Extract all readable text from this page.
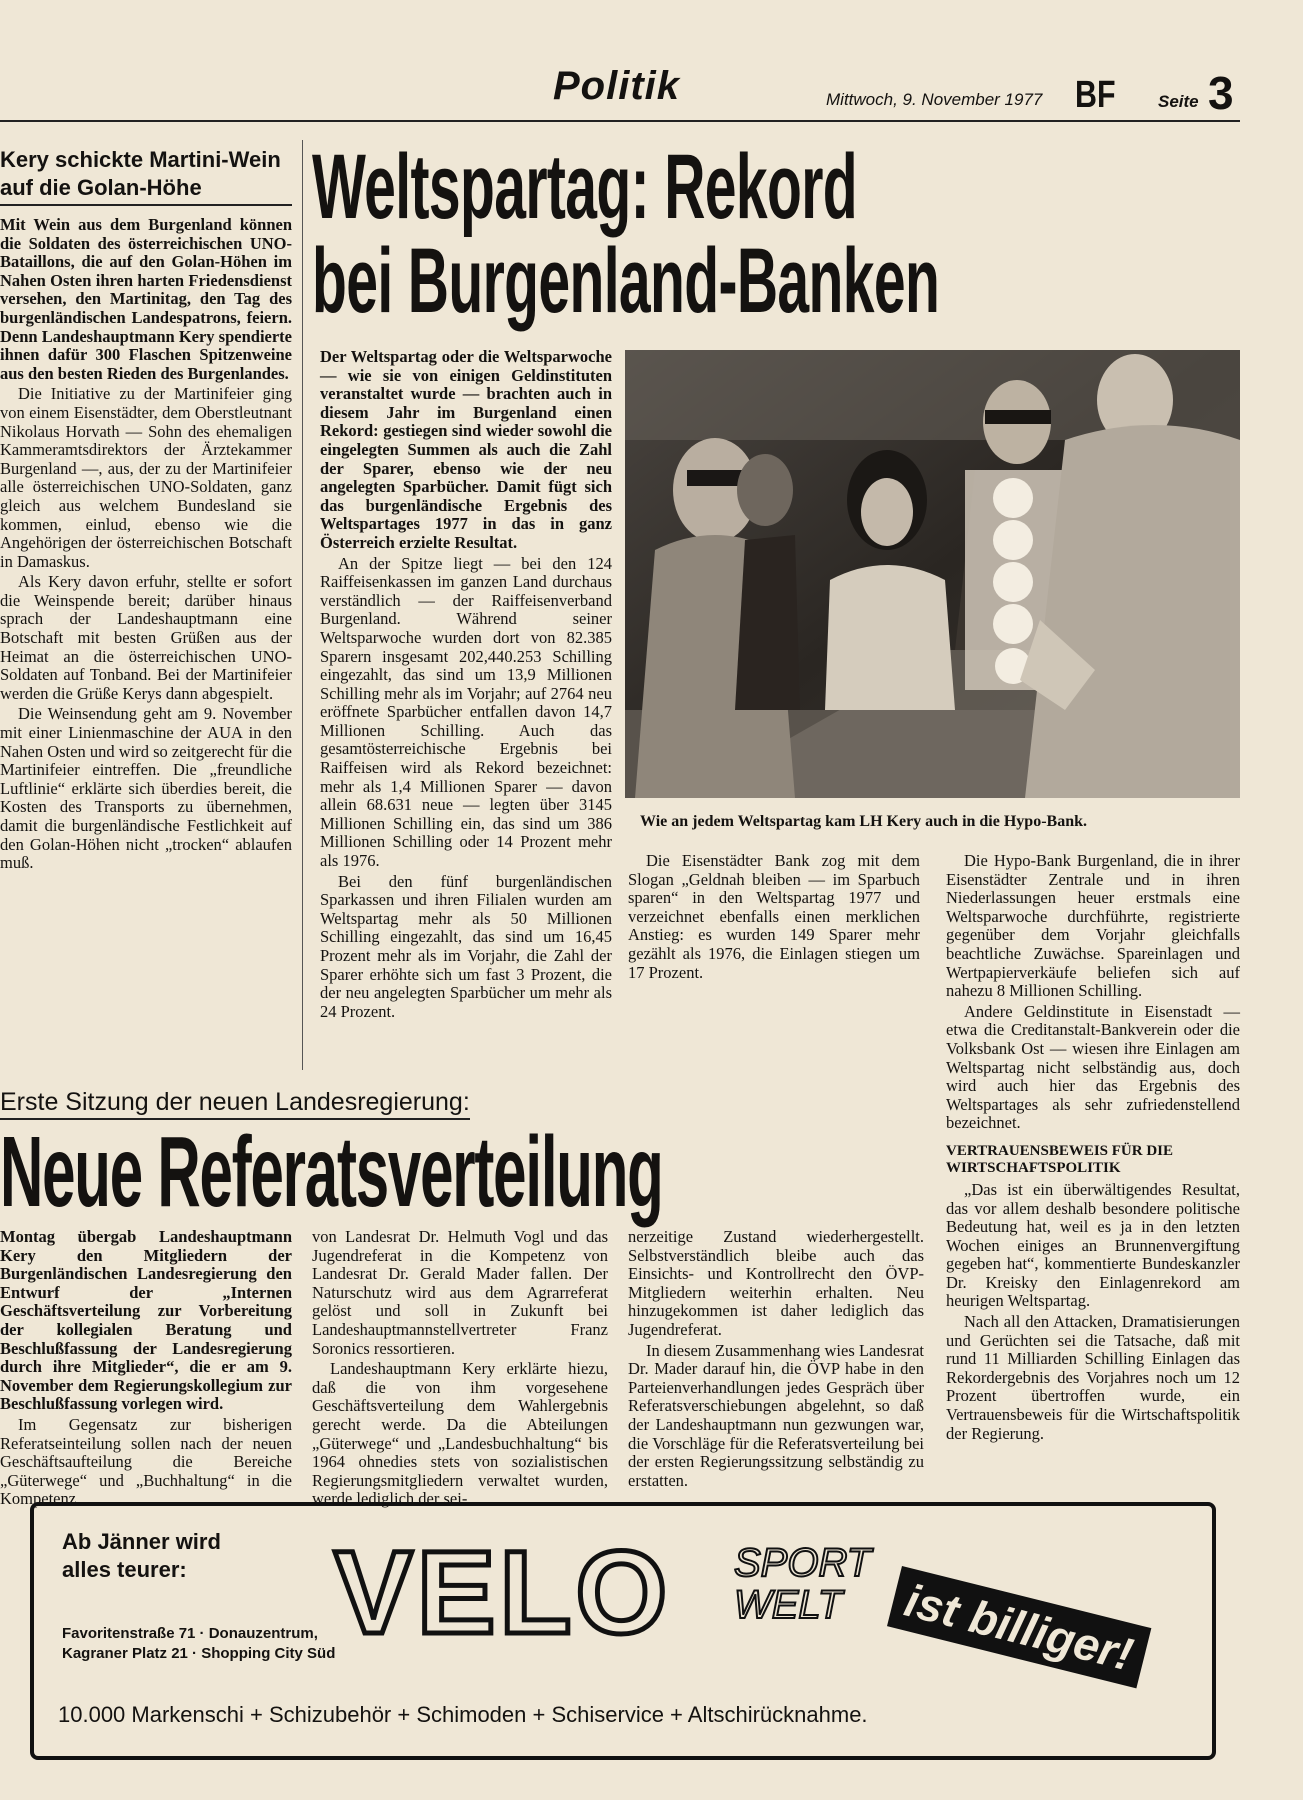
Politik	Mittwoch, 9. November 1977 BF Seite 3
Kery schickte Martini-Wein auf die Golan-Höhe

Mit Wein aus dem Burgenland können die Soldaten des österreichischen UNO-Bataillons, die auf den Golan-Höhen im Nahen Osten ihren harten Friedensdienst versehen, den Martinitag, den Tag des burgenländischen Landespatrons, feiern. Denn Landeshauptmann Kery spendierte ihnen dafür 300 Flaschen Spitzenweine aus den besten Rieden des Burgenlandes.

Die Initiative zu der Martinifeier ging von einem Eisenstädter, dem Oberstleutnant Nikolaus Horvath — Sohn des ehemaligen Kammeramtsdirektors der Ärztekammer Burgenland —, aus, der zu der Martinifeier alle österreichischen UNO-Soldaten, ganz gleich aus welchem Bundesland sie kommen, einlud, ebenso wie die Angehörigen der österreichischen Botschaft in Damaskus.

Als Kery davon erfuhr, stellte er sofort die Weinspende bereit; darüber hinaus sprach der Landeshauptmann eine Botschaft mit besten Grüßen aus der Heimat an die österreichischen UNO-Soldaten auf Tonband. Bei der Martinifeier werden die Grüße Kerys dann abgespielt.

Die Weinsendung geht am 9. November mit einer Linienmaschine der AUA in den Nahen Osten und wird so zeitgerecht für die Martinifeier eintreffen. Die „freundliche Luftlinie“ erklärte sich überdies bereit, die Kosten des Transports zu übernehmen, damit die burgenländische Festlichkeit auf den Golan-Höhen nicht „trocken“ ablaufen muß.

Weltspartag: Rekord
bei Burgenland-Banken

Der Weltspartag oder die Weltsparwoche — wie sie von einigen Geldinstituten veranstaltet wurde — brachten auch in diesem Jahr im Burgenland einen Rekord: gestiegen sind wieder sowohl die eingelegten Summen als auch die Zahl der Sparer, ebenso wie der neu angelegten Sparbücher. Damit fügt sich das burgenländische Ergebnis des Weltspartages 1977 in das in ganz Österreich erzielte Resultat.

An der Spitze liegt — bei den 124 Raiffeisenkassen im ganzen Land durchaus verständlich — der Raiffeisenverband Burgenland. Während seiner Weltsparwoche wurden dort von 82.385 Sparern insgesamt 202,440.253 Schilling eingezahlt, das sind um 13,9 Millionen Schilling mehr als im Vorjahr; auf 2764 neu eröffnete Sparbücher entfallen davon 14,7 Millionen Schilling. Auch das gesamtösterreichische Ergebnis bei Raiffeisen wird als Rekord bezeichnet: mehr als 1,4 Millionen Sparer — davon allein 68.631 neue — legten über 3145 Millionen Schilling ein, das sind um 386 Millionen Schilling oder 14 Prozent mehr als 1976.

Bei den fünf burgenländischen Sparkassen und ihren Filialen wurden am Weltspartag mehr als 50 Millionen Schilling eingezahlt, das sind um 16,45 Prozent mehr als im Vorjahr, die Zahl der Sparer erhöhte sich um fast 3 Prozent, die der neu angelegten Sparbücher um mehr als 24 Prozent.

Wie an jedem Weltspartag kam LH Kery auch in die Hypo-Bank.

Die Eisenstädter Bank zog mit dem Slogan „Geldnah bleiben — im Sparbuch sparen“ in den Weltspartag 1977 und verzeichnet ebenfalls einen merklichen Anstieg: es wurden 149 Sparer mehr gezählt als 1976, die Einlagen stiegen um 17 Prozent.

Die Hypo-Bank Burgenland, die in ihrer Eisenstädter Zentrale und in ihren Niederlassungen heuer erstmals eine Weltsparwoche durchführte, registrierte gegenüber dem Vorjahr gleichfalls beachtliche Zuwächse. Spareinlagen und Wertpapierverkäufe beliefen sich auf nahezu 8 Millionen Schilling.

Andere Geldinstitute in Eisenstadt — etwa die Creditanstalt-Bankverein oder die Volksbank Ost — wiesen ihre Einlagen am Weltspartag nicht selbständig aus, doch wird auch hier das Ergebnis des Weltspartages als sehr zufriedenstellend bezeichnet.

VERTRAUENSBEWEIS FÜR DIE WIRTSCHAFTSPOLITIK

„Das ist ein überwältigendes Resultat, das vor allem deshalb besondere politische Bedeutung hat, weil es ja in den letzten Wochen einiges an Brunnenvergiftung gegeben hat“, kommentierte Bundeskanzler Dr. Kreisky den Einlagenrekord am heurigen Weltspartag.

Nach all den Attacken, Dramatisierungen und Gerüchten sei die Tatsache, daß mit rund 11 Milliarden Schilling Einlagen das Rekordergebnis des Vorjahres noch um 12 Prozent übertroffen wurde, ein Vertrauensbeweis für die Wirtschaftspolitik der Regierung.

Erste Sitzung der neuen Landesregierung:
Neue Referatsverteilung

Montag übergab Landeshauptmann Kery den Mitgliedern der Burgenländischen Landesregierung den Entwurf der „Internen Geschäftsverteilung zur Vorbereitung der kollegialen Beratung und Beschlußfassung der Landesregierung durch ihre Mitglieder“, die er am 9. November dem Regierungskollegium zur Beschlußfassung vorlegen wird.

Im Gegensatz zur bisherigen Referatseinteilung sollen nach der neuen Geschäftsaufteilung die Bereiche „Güterwege“ und „Buchhaltung“ in die Kompetenz

von Landesrat Dr. Helmuth Vogl und das Jugendreferat in die Kompetenz von Landesrat Dr. Gerald Mader fallen. Der Naturschutz wird aus dem Agrarreferat gelöst und soll in Zukunft bei Landeshauptmannstellvertreter Franz Soronics ressortieren.

Landeshauptmann Kery erklärte hiezu, daß die von ihm vorgesehene Geschäftsverteilung dem Wahlergebnis gerecht werde. Da die Abteilungen „Güterwege“ und „Landesbuchhaltung“ bis 1964 ohnedies stets von sozialistischen Regierungsmitgliedern verwaltet wurden, werde lediglich der sei-

nerzeitige Zustand wiederhergestellt. Selbstverständlich bleibe auch das Einsichts- und Kontrollrecht den ÖVP-Mitgliedern weiterhin erhalten. Neu hinzugekommen ist daher lediglich das Jugendreferat.

In diesem Zusammenhang wies Landesrat Dr. Mader darauf hin, die ÖVP habe in den Parteienverhandlungen jedes Gespräch über Referatsverschiebungen abgelehnt, so daß der Landeshauptmann nun gezwungen war, die Vorschläge für die Referatsverteilung bei der ersten Regierungssitzung selbständig zu erstatten.

Ab Jänner wird
alles teurer:
Favoritenstraße 71 · Donauzentrum,
Kagraner Platz 21 · Shopping City Süd
VELO SPORT
WELT	ist billiger!
10.000 Markenschi + Schizubehör + Schimoden + Schiservice + Altschirücknahme.
